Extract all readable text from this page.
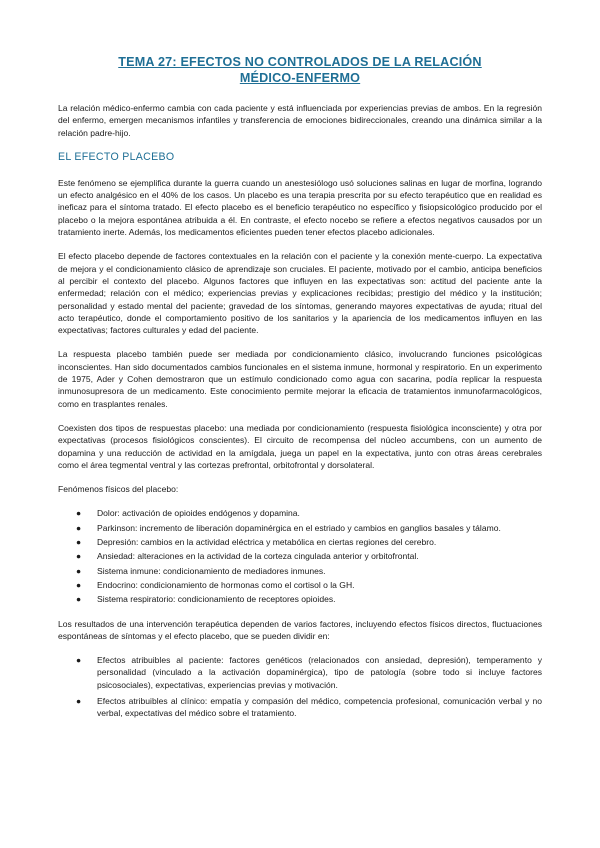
TEMA 27: EFECTOS NO CONTROLADOS DE LA RELACIÓN
MÉDICO-ENFERMO

La relación médico-enfermo cambia con cada paciente y está influenciada por experiencias previas de ambos. En la regresión del enfermo, emergen mecanismos infantiles y transferencia de emociones bidireccionales, creando una dinámica similar a la relación padre-hijo.

EL EFECTO PLACEBO

Este fenómeno se ejemplifica durante la guerra cuando un anestesiólogo usó soluciones salinas en lugar de morfina, logrando un efecto analgésico en el 40% de los casos. Un placebo es una terapia prescrita por su efecto terapéutico que en realidad es ineficaz para el síntoma tratado. El efecto placebo es el beneficio terapéutico no específico y fisiopsicológico producido por el placebo o la mejora espontánea atribuida a él. En contraste, el efecto nocebo se refiere a efectos negativos causados por un tratamiento inerte. Además, los medicamentos eficientes pueden tener efectos placebo adicionales.

El efecto placebo depende de factores contextuales en la relación con el paciente y la conexión mente-cuerpo. La expectativa de mejora y el condicionamiento clásico de aprendizaje son cruciales. El paciente, motivado por el cambio, anticipa beneficios al percibir el contexto del placebo. Algunos factores que influyen en las expectativas son: actitud del paciente ante la enfermedad; relación con el médico; experiencias previas y explicaciones recibidas; prestigio del médico y la institución; personalidad y estado mental del paciente; gravedad de los síntomas, generando mayores expectativas de ayuda; ritual del acto terapéutico, donde el comportamiento positivo de los sanitarios y la apariencia de los medicamentos influyen en las expectativas; factores culturales y edad del paciente.

La respuesta placebo también puede ser mediada por condicionamiento clásico, involucrando funciones psicológicas inconscientes. Han sido documentados cambios funcionales en el sistema inmune, hormonal y respiratorio. En un experimento de 1975, Ader y Cohen demostraron que un estímulo condicionado como agua con sacarina, podía replicar la respuesta inmunosupresora de un medicamento. Este conocimiento permite mejorar la eficacia de tratamientos inmunofarmacológicos, como en trasplantes renales.

Coexisten dos tipos de respuestas placebo: una mediada por condicionamiento (respuesta fisiológica inconsciente) y otra por expectativas (procesos fisiológicos conscientes). El circuito de recompensa del núcleo accumbens, con un aumento de dopamina y una reducción de actividad en la amígdala, juega un papel en la expectativa, junto con otras áreas cerebrales como el área tegmental ventral y las cortezas prefrontal, orbitofrontal y dorsolateral.

Fenómenos físicos del placebo:

● Dolor: activación de opioides endógenos y dopamina.
● Parkinson: incremento de liberación dopaminérgica en el estriado y cambios en ganglios basales y tálamo.
● Depresión: cambios en la actividad eléctrica y metabólica en ciertas regiones del cerebro.
● Ansiedad: alteraciones en la actividad de la corteza cingulada anterior y orbitofrontal.
● Sistema inmune: condicionamiento de mediadores inmunes.
● Endocrino: condicionamiento de hormonas como el cortisol o la GH.
● Sistema respiratorio: condicionamiento de receptores opioides.

Los resultados de una intervención terapéutica dependen de varios factores, incluyendo efectos físicos directos, fluctuaciones espontáneas de síntomas y el efecto placebo, que se pueden dividir en:

● Efectos atribuibles al paciente: factores genéticos (relacionados con ansiedad, depresión), temperamento y personalidad (vinculado a la activación dopaminérgica), tipo de patología (sobre todo si incluye factores psicosociales), expectativas, experiencias previas y motivación.
● Efectos atribuibles al clínico: empatía y compasión del médico, competencia profesional, comunicación verbal y no verbal, expectativas del médico sobre el tratamiento.
